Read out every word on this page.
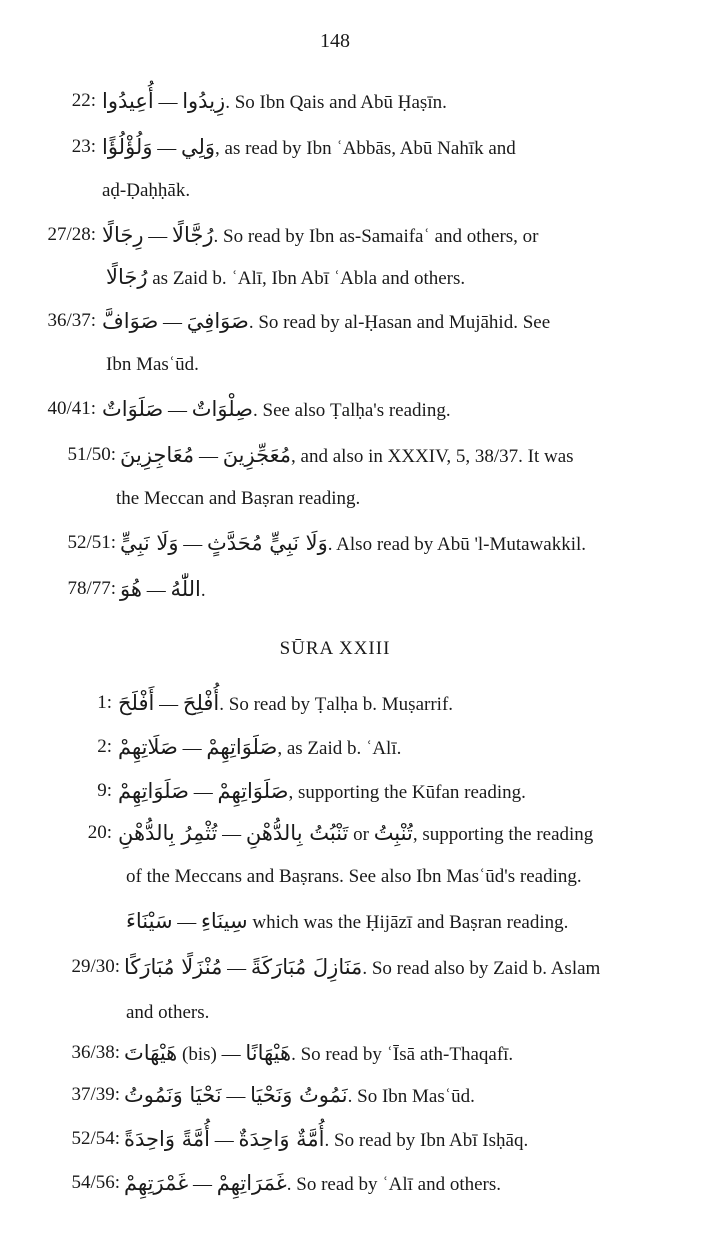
148
22: أُعِيدُوا — زِيدُوا. So Ibn Qais and Abū Ḥaṣīn.
23: وَلُؤْلُؤًا — وَلِي, as read by Ibn ʿAbbās, Abū Nahīk and
aḍ-Ḍaḥḥāk.
27/28: رِجَالًا — رُجَّالًا. So read by Ibn as-Samaifaʿ and others, or
رُجَالًا as Zaid b. ʿAlī, Ibn Abī ʿAbla and others.
36/37: صَوَافَّ — صَوَافِيَ. So read by al-Ḥasan and Mujāhid. See
Ibn Masʿūd.
40/41: صَلَوَاتٌ — صِلْوَاتٌ. See also Ṭalḥa's reading.
51/50: مُعَاجِزِينَ — مُعَجِّزِينَ, and also in XXXIV, 5, 38/37. It was
the Meccan and Baṣran reading.
52/51: وَلَا نَبِيٍّ — وَلَا نَبِيٍّ مُحَدَّثٍ. Also read by Abū 'l-Mutawakkil.
78/77: هُوَ — اللّٰهُ.
SŪRA XXIII
1: أَفْلَحَ — أُفْلِحَ. So read by Ṭalḥa b. Muṣarrif.
2: صَلَاتِهِمْ — صَلَوَاتِهِمْ, as Zaid b. ʿAlī.
9: صَلَوَاتِهِمْ — صَلَوَاتِهِمْ, supporting the Kūfan reading.
20: تُثْمِرُ بِالدُّهْنِ — تَنْبُتُ بِالدُّهْنِ or تُنْبِتُ, supporting the reading
of the Meccans and Baṣrans. See also Ibn Masʿūd's reading.
سَيْنَاءَ — سِينَاءِ which was the Ḥijāzī and Baṣran reading.
29/30: مُنْزَلًا مُبَارَكًا — مَنَازِلَ مُبَارَكَةً. So read also by Zaid b. Aslam
and others.
36/38: هَيْهَاتَ (bis) — هَيْهَانًا. So read by ʿĪsā ath-Thaqafī.
37/39: نَحْيَا وَنَمُوتُ — نَمُوتُ وَنَحْيَا. So Ibn Masʿūd.
52/54: أُمَّةً وَاحِدَةً — أُمَّةٌ وَاحِدَةٌ. So read by Ibn Abī Isḥāq.
54/56: غَمْرَتِهِمْ — غَمَرَاتِهِمْ. So read by ʿAlī and others.
